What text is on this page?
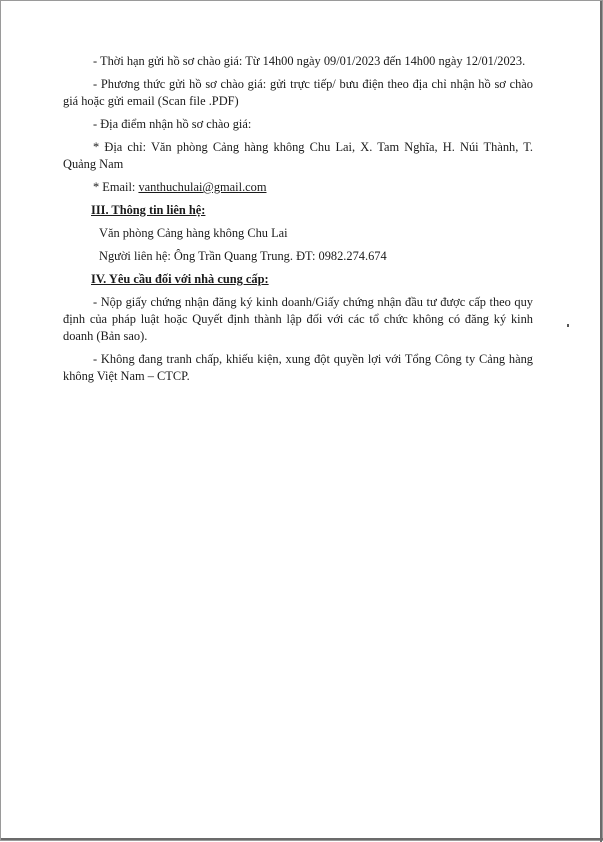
- Thời hạn gửi hồ sơ chào giá: Từ 14h00 ngày 09/01/2023 đến 14h00 ngày 12/01/2023.

- Phương thức gửi hồ sơ chào giá: gửi trực tiếp/ bưu điện theo địa chỉ nhận hồ sơ chào giá hoặc gửi email (Scan file .PDF)

- Địa điểm nhận hồ sơ chào giá:

* Địa chỉ: Văn phòng Cảng hàng không Chu Lai, X. Tam Nghĩa, H. Núi Thành, T. Quảng Nam

* Email: vanthuchulai@gmail.com

III. Thông tin liên hệ:

Văn phòng Cảng hàng không Chu Lai

Người liên hệ: Ông Trần Quang Trung. ĐT: 0982.274.674

IV. Yêu cầu đối với nhà cung cấp:

- Nộp giấy chứng nhận đăng ký kinh doanh/Giấy chứng nhận đầu tư được cấp theo quy định của pháp luật hoặc Quyết định thành lập đối với các tổ chức không có đăng ký kinh doanh (Bản sao).

- Không đang tranh chấp, khiếu kiện, xung đột quyền lợi với Tổng Công ty Cảng hàng không Việt Nam – CTCP.
